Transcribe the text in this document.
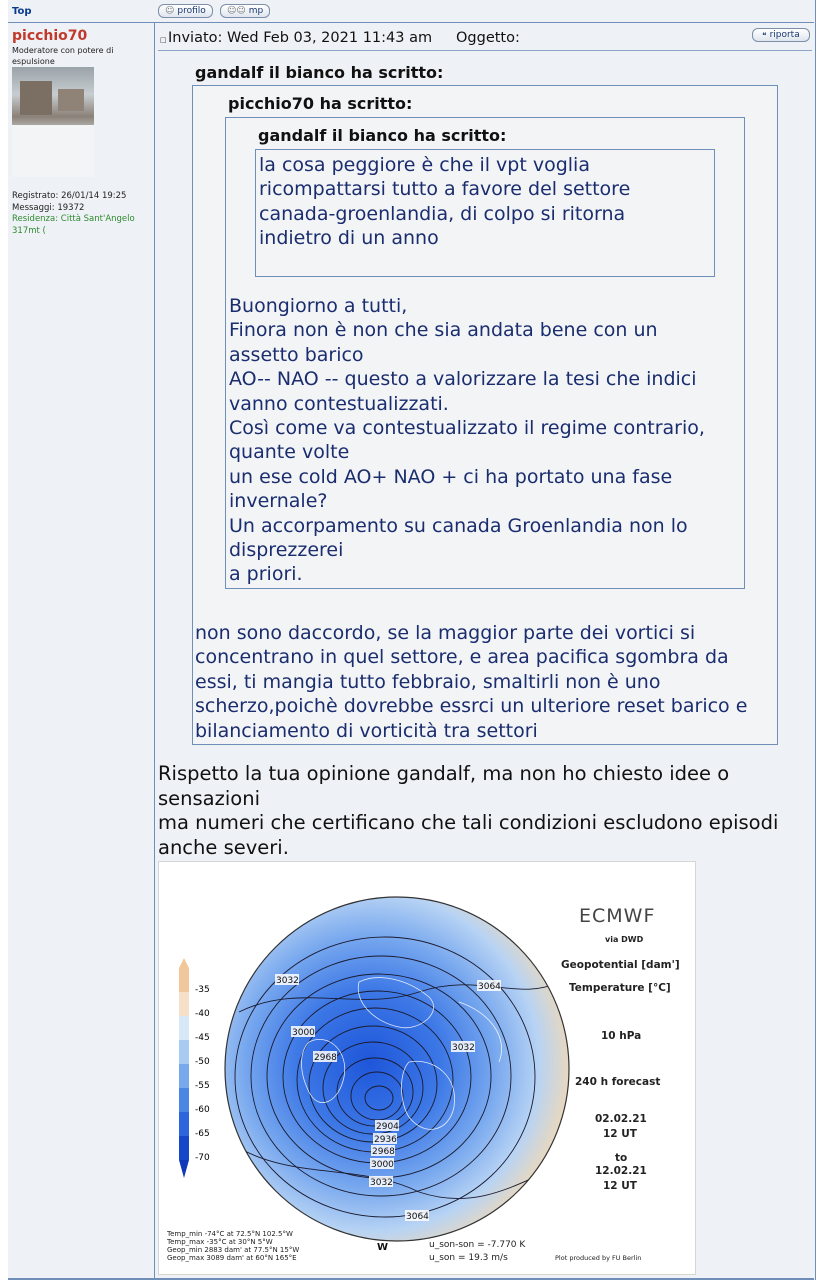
Top	☺ profilo ☺☺ mp
picchio70
Moderatore con potere di espulsione
Registrato: 26/01/14 19:25
Messaggi: 19372
Residenza: Città Sant'Angelo 317mt (
□ Inviato: Wed Feb 03, 2021 11:43 am Oggetto:	❝ riporta
gandalf il bianco ha scritto:
picchio70 ha scritto:
gandalf il bianco ha scritto:

la cosa peggiore è che il vpt voglia
ricompattarsi tutto a favore del settore
canada-groenlandia, di colpo si ritorna
indietro di un anno

Buongiorno a tutti,
Finora non è non che sia andata bene con un
assetto barico
AO-- NAO -- questo a valorizzare la tesi che indici
vanno contestualizzati.
Così come va contestualizzato il regime contrario,
quante volte
un ese cold AO+ NAO + ci ha portato una fase
invernale?
Un accorpamento su canada Groenlandia non lo
disprezzerei
a priori.

non sono daccordo, se la maggior parte dei vortici si
concentrano in quel settore, e area pacifica sgombra da
essi, ti mangia tutto febbraio, smaltirli non è uno
scherzo,poichè dovrebbe essrci un ulteriore reset barico e
bilanciamento di vorticità tra settori

Rispetto la tua opinione gandalf, ma non ho chiesto idee o
sensazioni
ma numeri che certificano che tali condizioni escludono episodi
anche severi.
-35
-40
-45
-50
-55
-60
-65
-70
3032
3064
3000
3032
2968
2904
2936
2968
3000
3032
3064
W
ECMWF
via DWD
Geopotential [dam']
Temperature [°C]
10 hPa
240 h forecast
02.02.21
12 UT
to
12.02.21
12 UT
Temp_min -74°C at 72.5°N 102.5°W
Temp_max -35°C at 30°N 5°W
Geop_min 2883 dam' at 77.5°N 15°W
Geop_max 3089 dam' at 60°N 165°E
u_son-son = -7.770 K
u_son = 19.3 m/s	Plot produced by FU Berlin
